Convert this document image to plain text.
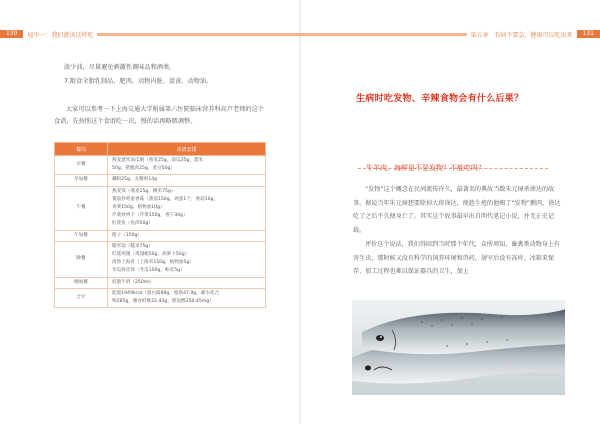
130	癌中一：我们就该这样吃	第五章　有病不要急，健康可以吃出来	131
淡少油，尽量避免刺激性调味品和酒类。
7.限食全脂乳制品、肥肉、动物内脏、蛋黄、动物油。
大家可以参考一下上海交通大学附属第六医院临床营养科高芦老师的这个食谱，先按照这个食谱吃一次，慢的话再略微调整。
餐次	食谱安排
早餐	燕麦薏米南瓜粥（燕麦25g，南瓜25g，薏米
50g，猪瘦肉25g，黄豆50g）

早加餐	藕粉25g，无糖奶14g

午餐	燕麦饭（燕麦25g，粳米75g）
番茄炒鸡蛋香菇（番茄150g，鸡蛋1个，香菇10g，
青菜150g，植物油10g）
芹菜炒香干（芹菜150g，香干30g）
红烧鱼（鱼肉50g）

午加餐	橙子（150g）

晚餐	糙米饭（糙米75g）
红烧鸡翅（鸡翅根50g，胡萝卜50g）
清炒上海青（上海青150g，植物油5g）
冬瓜虾皮汤（冬瓜100g，虾皮5g）

晚加餐	低脂牛奶（250ml）

合计	能量1949kcal（蛋白质88g，脂肪47.9g，碳水化合
物285g，膳食纤维22.43g，胆固醇250.45mg）
生病时吃发物、辛辣食物会有什么后果？
牛羊肉、海鲜是不是发物？不能吃吗？
“发物”这个概念在民间流传许久，最著名的典故当数朱元璋杀徐达的故事。据说当年朱元璋想要除掉大将徐达，便趁生疮的他赐了“发物”鹅肉，徐达吃了之后不久便身亡了。其实这个故事最早出自明代笔记小说，并无正史记载。
评价这个说法，我们得回到当时那个年代，众所周知，畜禽类动物身上有寄生虫，那时候又没有科学的饲养环境和兽药，屠宰后没有冻库、冰箱来保存，加工过程也难以保证器具的卫生，加上
